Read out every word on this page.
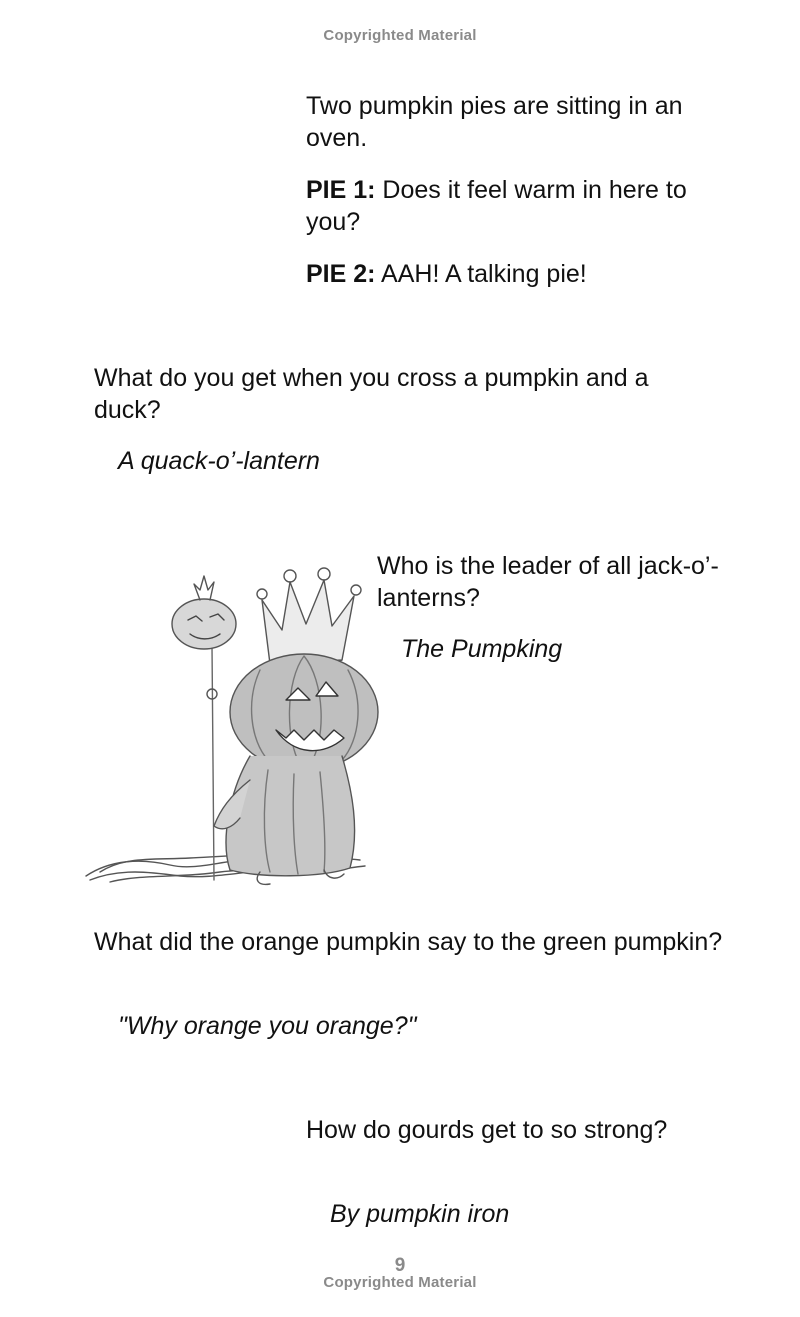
Copyrighted Material
Two pumpkin pies are sitting in an oven.
PIE 1: Does it feel warm in here to you?
PIE 2: AAH! A talking pie!
What do you get when you cross a pumpkin and a duck?
A quack-o’-lantern
Who is the leader of all jack-o’-lanterns?
The Pumpking
What did the orange pumpkin say to the green pumpkin?
"Why orange you orange?"
How do gourds get to so strong?
By pumpkin iron
9
Copyrighted Material
